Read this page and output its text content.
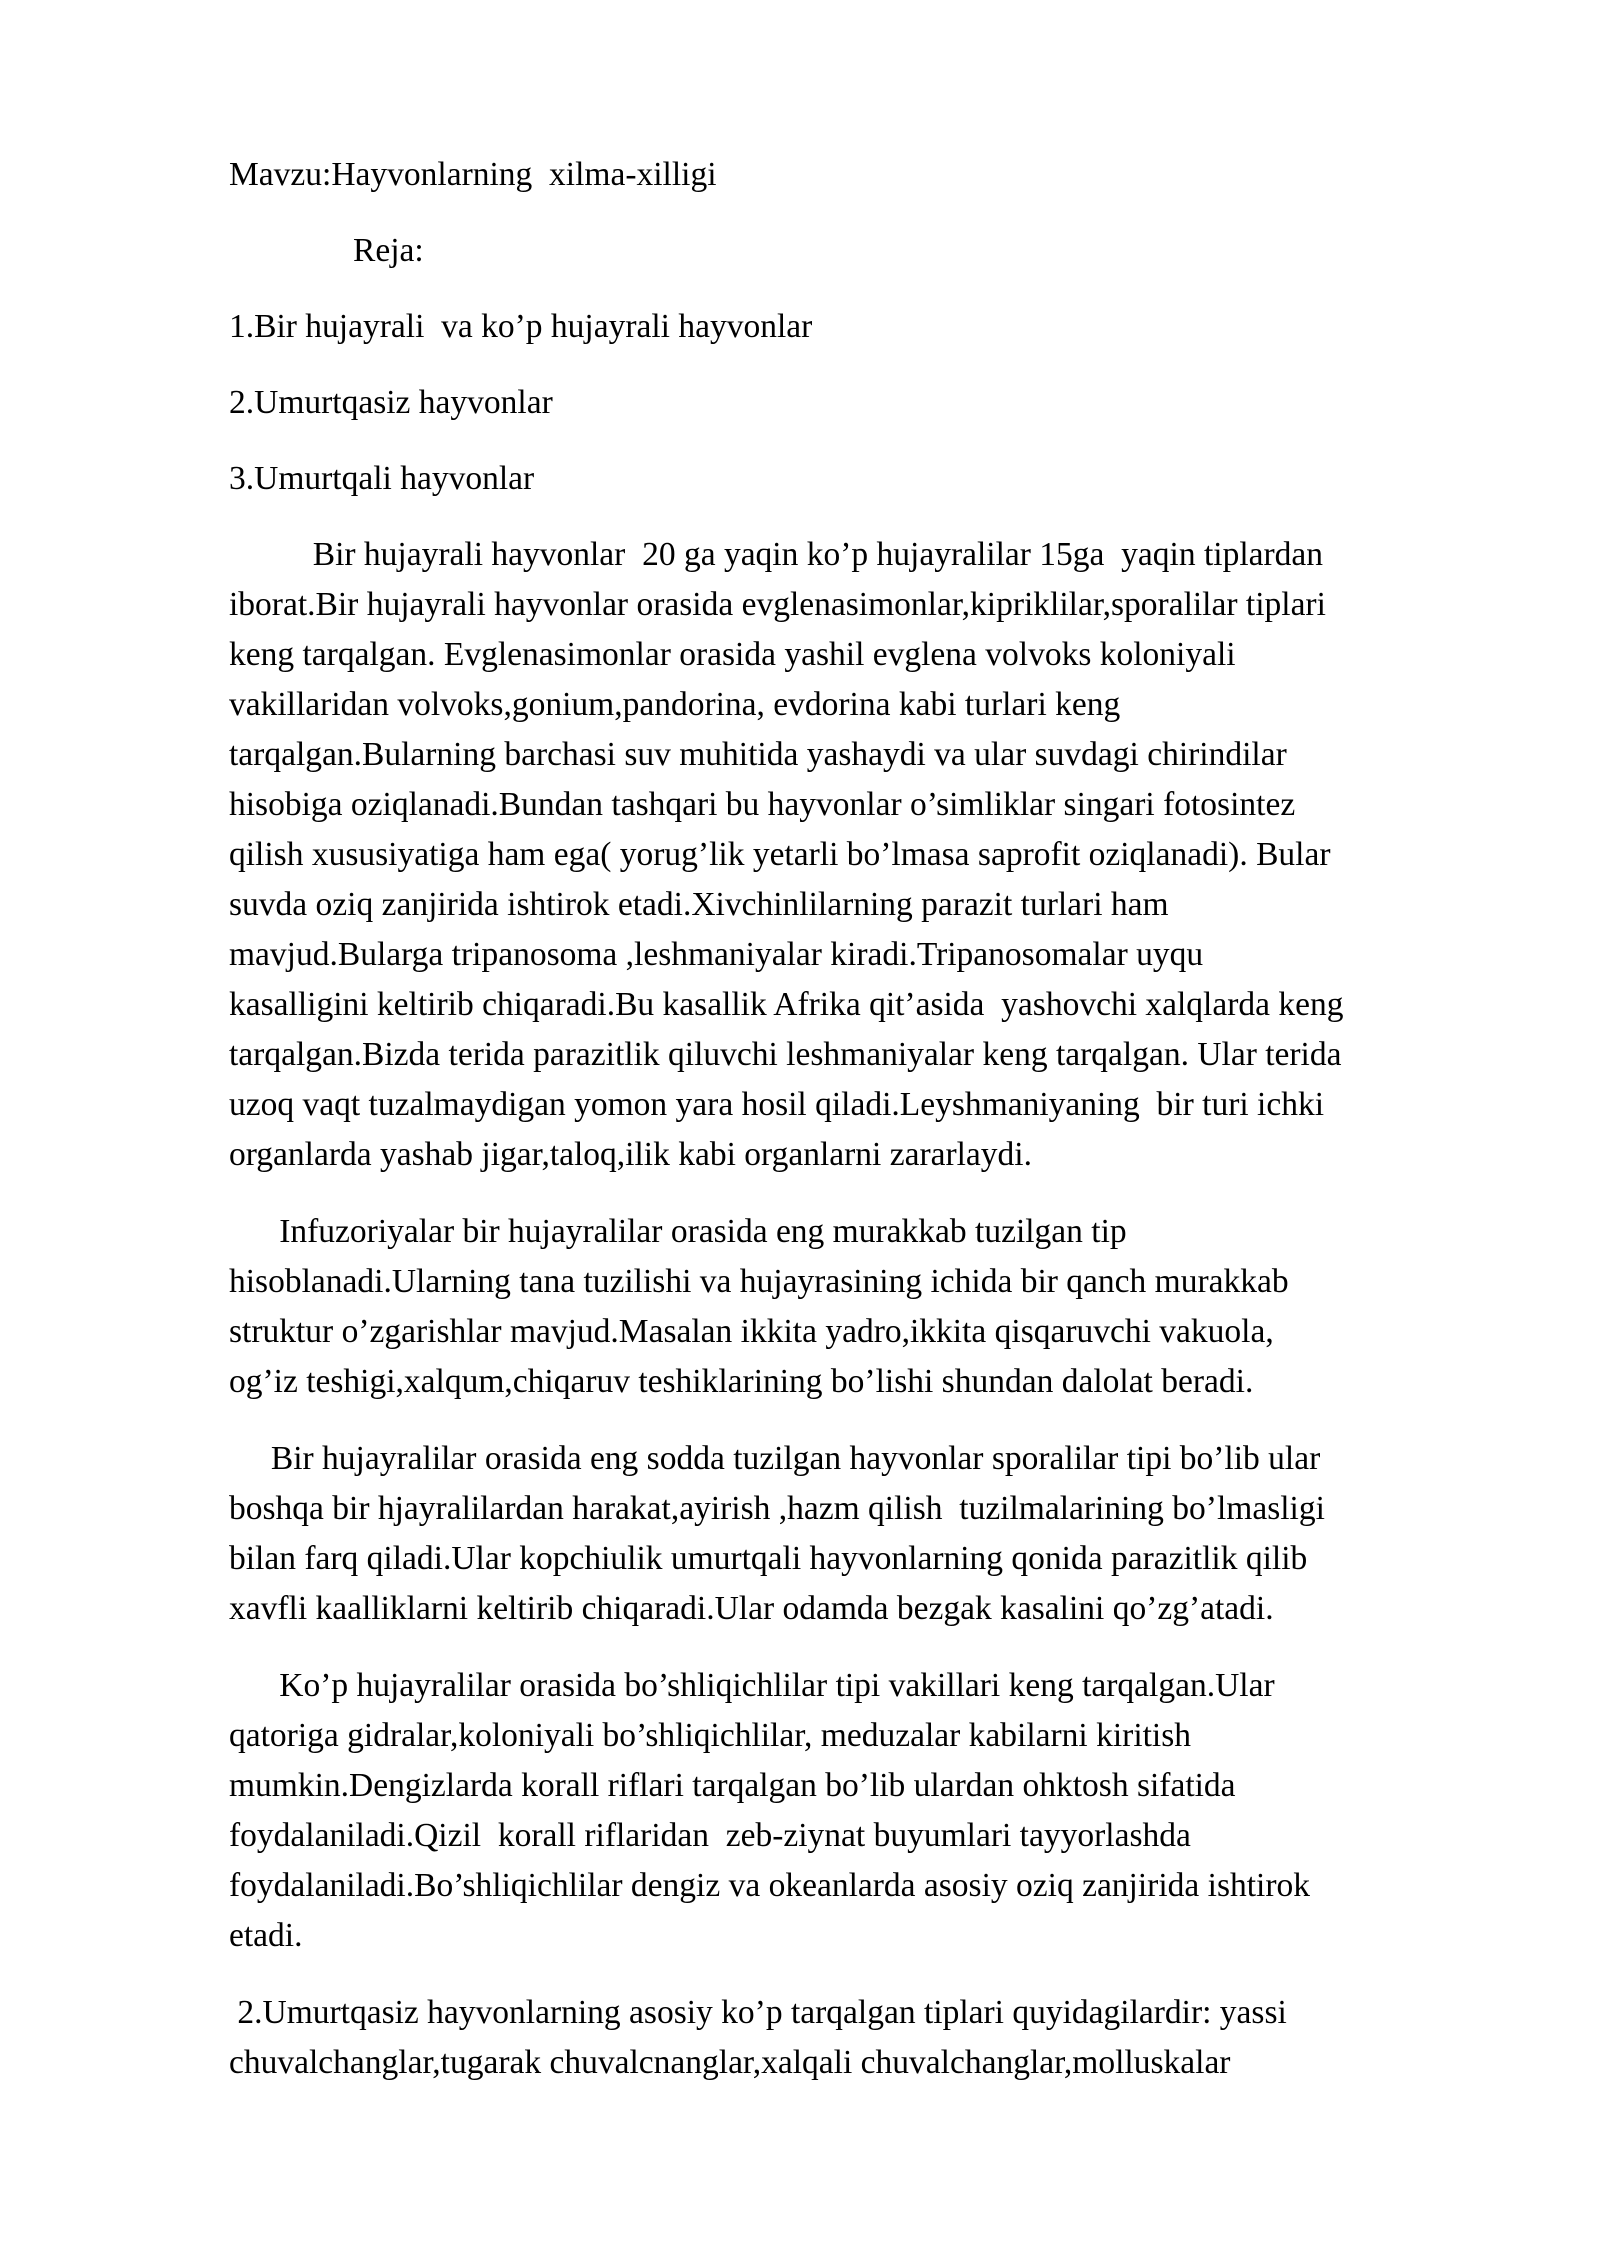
Mavzu:Hayvonlarning  xilma-xilligi
Reja:
1.Bir hujayrali  va ko’p hujayrali hayvonlar
2.Umurtqasiz hayvonlar
3.Umurtqali hayvonlar
Bir hujayrali hayvonlar  20 ga yaqin ko’p hujayralilar 15ga  yaqin tiplardan
iborat.Bir hujayrali hayvonlar orasida evglenasimonlar,kipriklilar,sporalilar tiplari
keng tarqalgan. Evglenasimonlar orasida yashil evglena volvoks koloniyali
vakillaridan volvoks,gonium,pandorina, evdorina kabi turlari keng
tarqalgan.Bularning barchasi suv muhitida yashaydi va ular suvdagi chirindilar
hisobiga oziqlanadi.Bundan tashqari bu hayvonlar o’simliklar singari fotosintez
qilish xususiyatiga ham ega( yorug’lik yetarli bo’lmasa saprofit oziqlanadi). Bular
suvda oziq zanjirida ishtirok etadi.Xivchinlilarning parazit turlari ham
mavjud.Bularga tripanosoma ,leshmaniyalar kiradi.Tripanosomalar uyqu
kasalligini keltirib chiqaradi.Bu kasallik Afrika qit’asida  yashovchi xalqlarda keng
tarqalgan.Bizda terida parazitlik qiluvchi leshmaniyalar keng tarqalgan. Ular terida
uzoq vaqt tuzalmaydigan yomon yara hosil qiladi.Leyshmaniyaning  bir turi ichki
organlarda yashab jigar,taloq,ilik kabi organlarni zararlaydi.
Infuzoriyalar bir hujayralilar orasida eng murakkab tuzilgan tip
hisoblanadi.Ularning tana tuzilishi va hujayrasining ichida bir qanch murakkab
struktur o’zgarishlar mavjud.Masalan ikkita yadro,ikkita qisqaruvchi vakuola,
og’iz teshigi,xalqum,chiqaruv teshiklarining bo’lishi shundan dalolat beradi.
Bir hujayralilar orasida eng sodda tuzilgan hayvonlar sporalilar tipi bo’lib ular
boshqa bir hjayralilardan harakat,ayirish ,hazm qilish  tuzilmalarining bo’lmasligi
bilan farq qiladi.Ular kopchiulik umurtqali hayvonlarning qonida parazitlik qilib
xavfli kaalliklarni keltirib chiqaradi.Ular odamda bezgak kasalini qo’zg’atadi.
Ko’p hujayralilar orasida bo’shliqichlilar tipi vakillari keng tarqalgan.Ular
qatoriga gidralar,koloniyali bo’shliqichlilar, meduzalar kabilarni kiritish
mumkin.Dengizlarda korall riflari tarqalgan bo’lib ulardan ohktosh sifatida
foydalaniladi.Qizil  korall riflaridan  zeb-ziynat buyumlari tayyorlashda
foydalaniladi.Bo’shliqichlilar dengiz va okeanlarda asosiy oziq zanjirida ishtirok
etadi.
2.Umurtqasiz hayvonlarning asosiy ko’p tarqalgan tiplari quyidagilardir: yassi
chuvalchanglar,tugarak chuvalcnanglar,xalqali chuvalchanglar,molluskalar
